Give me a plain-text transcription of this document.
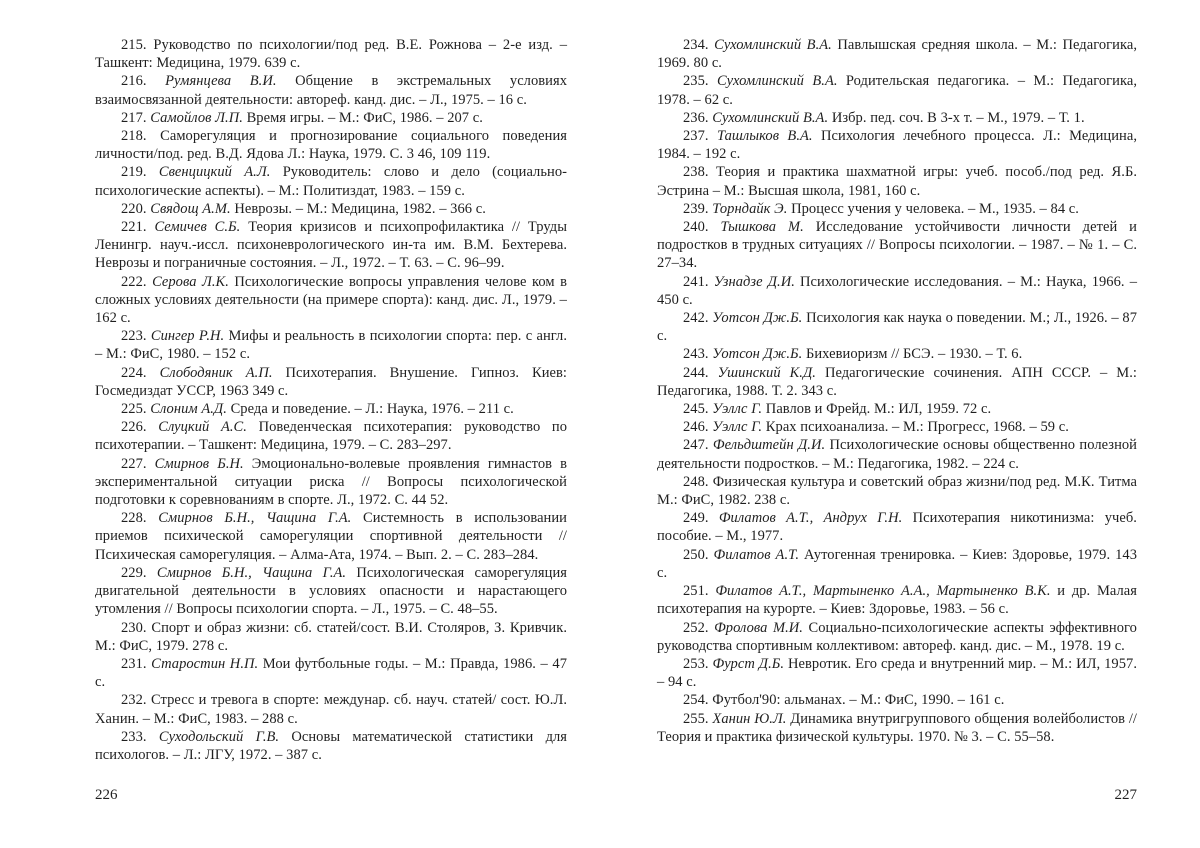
215. Руководство по психологии/под ред. В.Е. Рожнова – 2-е изд. – Ташкент: Медицина, 1979. 639 с.

216. Румянцева В.И. Общение в экстремальных условиях взаимосвязанной деятельности: автореф. канд. дис. – Л., 1975. – 16 с.

217. Самойлов Л.П. Время игры. – М.: ФиС, 1986. – 207 с.

218. Саморегуляция и прогнозирование социального поведения личности/под. ред. В.Д. Ядова Л.: Наука, 1979. С. 3 46, 109 119.

219. Свенцицкий А.Л. Руководитель: слово и дело (социально-психологические аспекты). – М.: Политиздат, 1983. – 159 с.

220. Свядощ А.М. Неврозы. – М.: Медицина, 1982. – 366 с.

221. Семичев С.Б. Теория кризисов и психопрофилактика // Труды Ленингр. науч.-иссл. психоневрологического ин-та им. В.М. Бехтерева. Неврозы и пограничные состояния. – Л., 1972. – Т. 63. – С. 96–99.

222. Серова Л.К. Психологические вопросы управления челове ком в сложных условиях деятельности (на примере спорта): канд. дис. Л., 1979. – 162 с.

223. Сингер Р.Н. Мифы и реальность в психологии спорта: пер. с англ. – М.: ФиС, 1980. – 152 с.

224. Слободяник А.П. Психотерапия. Внушение. Гипноз. Киев: Госмедиздат УССР, 1963 349 с.

225. Слоним А.Д. Среда и поведение. – Л.: Наука, 1976. – 211 с.

226. Слуцкий А.С. Поведенческая психотерапия: руководство по психотерапии. – Ташкент: Медицина, 1979. – С. 283–297.

227. Смирнов Б.Н. Эмоционально-волевые проявления гимнастов в экспериментальной ситуации риска // Вопросы психологической подготовки к соревнованиям в спорте. Л., 1972. С. 44 52.

228. Смирнов Б.Н., Чащина Г.А. Системность в использовании приемов психической саморегуляции спортивной деятельности // Психическая саморегуляция. – Алма-Ата, 1974. – Вып. 2. – С. 283–284.

229. Смирнов Б.Н., Чащина Г.А. Психологическая саморегуляция двигательной деятельности в условиях опасности и нарастающего утомления // Вопросы психологии спорта. – Л., 1975. – С. 48–55.

230. Спорт и образ жизни: сб. статей/сост. В.И. Столяров, З. Кривчик. М.: ФиС, 1979. 278 с.

231. Старостин Н.П. Мои футбольные годы. – М.: Правда, 1986. – 47 с.

232. Стресс и тревога в спорте: междунар. сб. науч. статей/ сост. Ю.Л. Ханин. – М.: ФиС, 1983. – 288 с.

233. Суходольский Г.В. Основы математической статистики для психологов. – Л.: ЛГУ, 1972. – 387 с.

234. Сухомлинский В.А. Павлышская средняя школа. – М.: Педагогика, 1969. 80 с.

235. Сухомлинский В.А. Родительская педагогика. – М.: Педагогика, 1978. – 62 с.

236. Сухомлинский В.А. Избр. пед. соч. В 3-х т. – М., 1979. – Т. 1.

237. Ташлыков В.А. Психология лечебного процесса. Л.: Медицина, 1984. – 192 с.

238. Теория и практика шахматной игры: учеб. пособ./под ред. Я.Б. Эстрина – М.: Высшая школа, 1981, 160 с.

239. Торндайк Э. Процесс учения у человека. – М., 1935. – 84 с.

240. Тышкова М. Исследование устойчивости личности детей и подростков в трудных ситуациях // Вопросы психологии. – 1987. – № 1. – С. 27–34.

241. Узнадзе Д.И. Психологические исследования. – М.: Наука, 1966. – 450 с.

242. Уотсон Дж.Б. Психология как наука о поведении. М.; Л., 1926. – 87 с.

243. Уотсон Дж.Б. Бихевиоризм // БСЭ. – 1930. – Т. 6.

244. Ушинский К.Д. Педагогические сочинения. АПН СССР. – М.: Педагогика, 1988. Т. 2. 343 с.

245. Уэллс Г. Павлов и Фрейд. М.: ИЛ, 1959. 72 с.

246. Уэллс Г. Крах психоанализа. – М.: Прогресс, 1968. – 59 с.

247. Фельдштейн Д.И. Психологические основы общественно полезной деятельности подростков. – М.: Педагогика, 1982. – 224 с.

248. Физическая культура и советский образ жизни/под ред. М.К. Титма М.: ФиС, 1982. 238 с.

249. Филатов А.Т., Андрух Г.Н. Психотерапия никотинизма: учеб. пособие. – М., 1977.

250. Филатов А.Т. Аутогенная тренировка. – Киев: Здоровье, 1979. 143 с.

251. Филатов А.Т., Мартыненко А.А., Мартыненко В.К. и др. Малая психотерапия на курорте. – Киев: Здоровье, 1983. – 56 с.

252. Фролова М.И. Социально-психологические аспекты эффективного руководства спортивным коллективом: автореф. канд. дис. – М., 1978. 19 с.

253. Фурст Д.Б. Невротик. Его среда и внутренний мир. – М.: ИЛ, 1957. – 94 с.

254. Футбол'90: альманах. – М.: ФиС, 1990. – 161 с.

255. Ханин Ю.Л. Динамика внутригруппового общения волейболистов // Теория и практика физической культуры. 1970. № 3. – С. 55–58.

226	227
